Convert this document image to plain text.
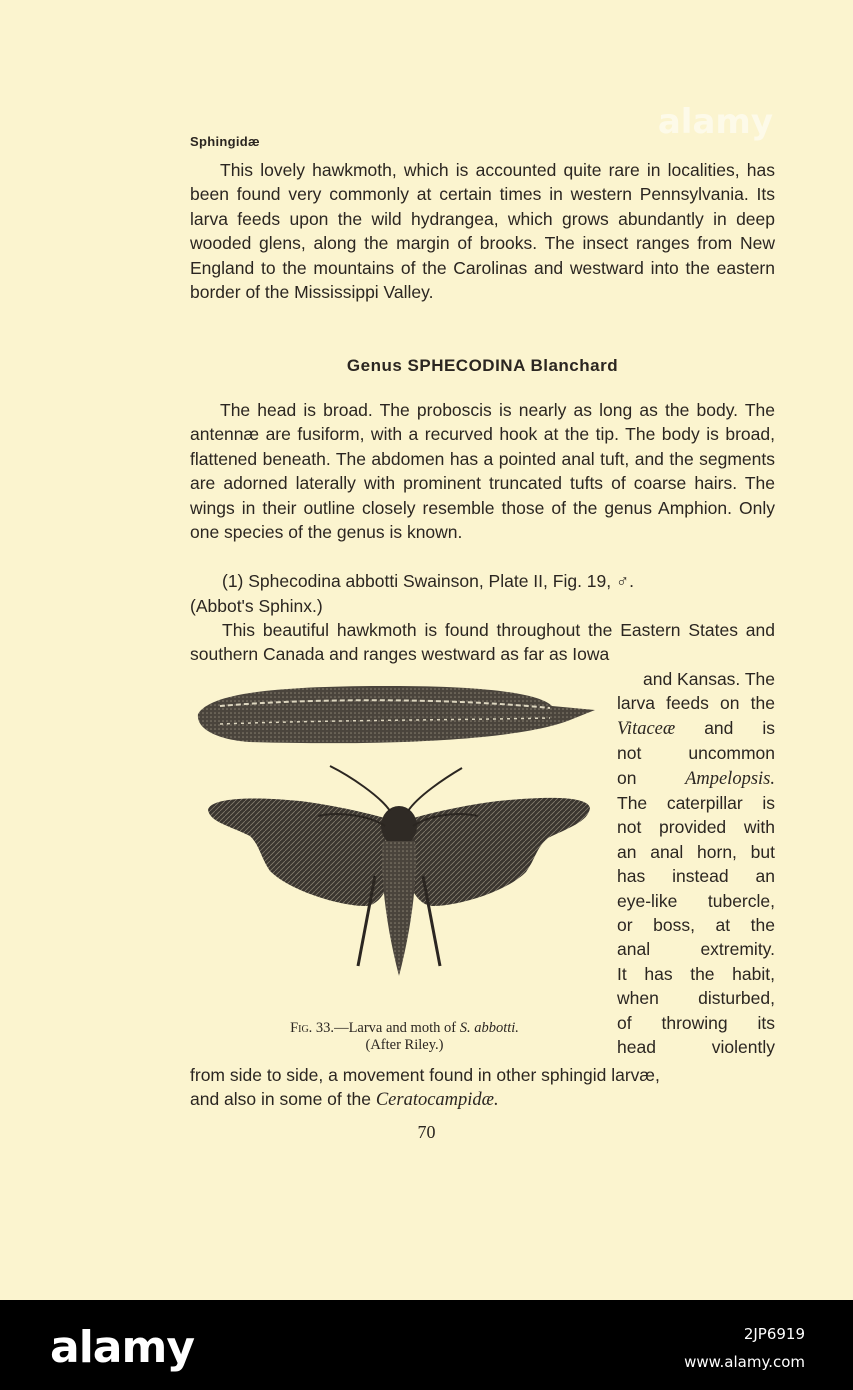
alamy
Sphingidæ

This lovely hawkmoth, which is accounted quite rare in localities, has been found very commonly at certain times in western Pennsylvania. Its larva feeds upon the wild hydrangea, which grows abundantly in deep wooded glens, along the margin of brooks. The insect ranges from New England to the mountains of the Carolinas and westward into the eastern border of the Mississippi Valley.

Genus SPHECODINA Blanchard

The head is broad. The proboscis is nearly as long as the body. The antennæ are fusiform, with a recurved hook at the tip. The body is broad, flattened beneath. The abdomen has a pointed anal tuft, and the segments are adorned laterally with prominent truncated tufts of coarse hairs. The wings in their outline closely resemble those of the genus Amphion. Only one species of the genus is known.

(1) Sphecodina abbotti Swainson, Plate II, Fig. 19, ♂.

(Abbot's Sphinx.)

This beautiful hawkmoth is found throughout the Eastern States and southern Canada and ranges westward as far as Iowa

and Kansas. The
larva feeds on the
Vitaceæ and is
not uncommon
on Ampelopsis.
The caterpillar is
not provided with
an anal horn, but
has instead an
eye-like tubercle,
or boss, at the
anal extremity.
It has the habit,
when disturbed,
of throwing its
head violently
Fig. 33.—Larva and moth of S. abbotti.
(After Riley.)

from side to side, a movement found in other sphingid larvæ,

and also in some of the Ceratocampidæ.

70
alamy	2JP6919
www.alamy.com
